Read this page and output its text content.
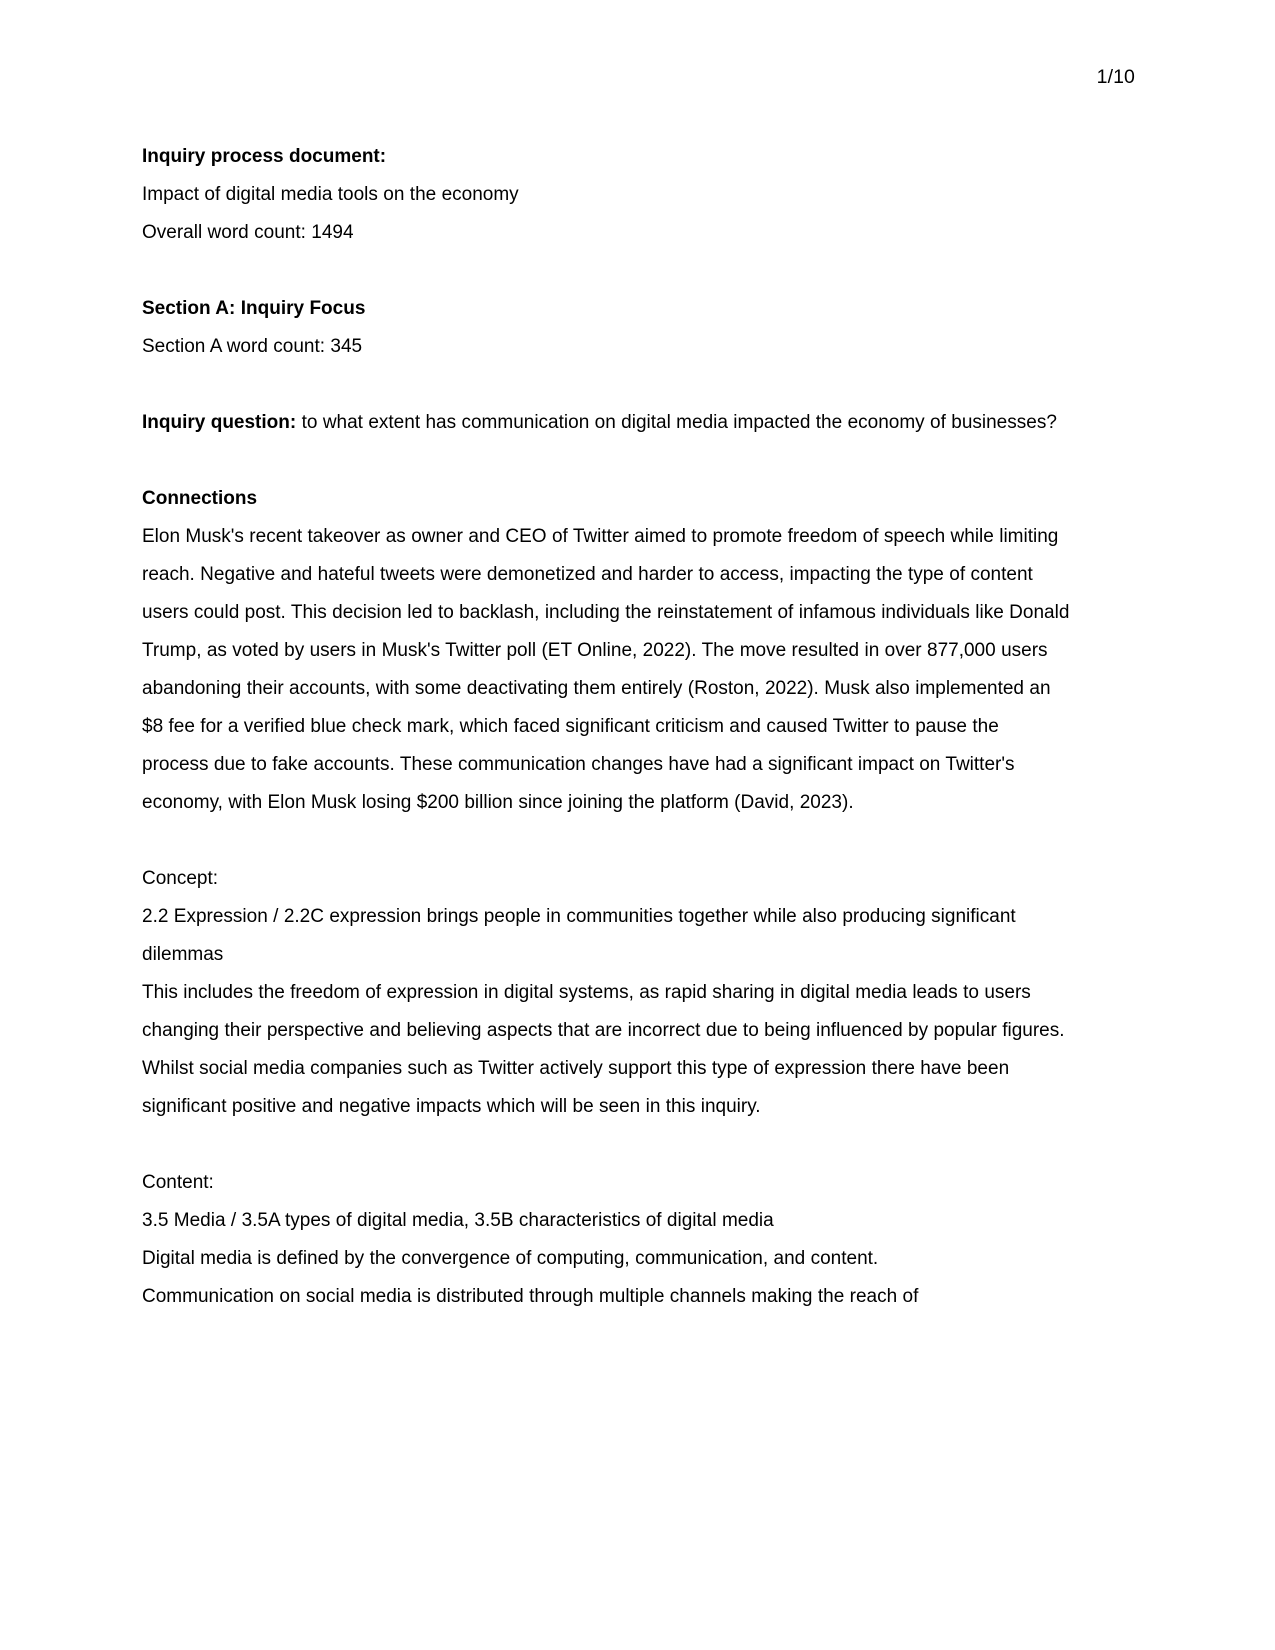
1/10

Inquiry process document:

Impact of digital media tools on the economy

Overall word count: 1494

Section A: Inquiry Focus

Section A word count: 345

Inquiry question: to what extent has communication on digital media impacted the economy of businesses?

Connections

Elon Musk's recent takeover as owner and CEO of Twitter aimed to promote freedom of speech while limiting reach. Negative and hateful tweets were demonetized and harder to access, impacting the type of content users could post. This decision led to backlash, including the reinstatement of infamous individuals like Donald Trump, as voted by users in Musk's Twitter poll (ET Online, 2022). The move resulted in over 877,000 users abandoning their accounts, with some deactivating them entirely (Roston, 2022). Musk also implemented an $8 fee for a verified blue check mark, which faced significant criticism and caused Twitter to pause the process due to fake accounts. These communication changes have had a significant impact on Twitter's economy, with Elon Musk losing $200 billion since joining the platform (David, 2023).

Concept:

2.2 Expression / 2.2C expression brings people in communities together while also producing significant dilemmas

This includes the freedom of expression in digital systems, as rapid sharing in digital media leads to users changing their perspective and believing aspects that are incorrect due to being influenced by popular figures. Whilst social media companies such as Twitter actively support this type of expression there have been significant positive and negative impacts which will be seen in this inquiry.

Content:

3.5 Media / 3.5A types of digital media, 3.5B characteristics of digital media

Digital media is defined by the convergence of computing, communication, and content.

Communication on social media is distributed through multiple channels making the reach of
